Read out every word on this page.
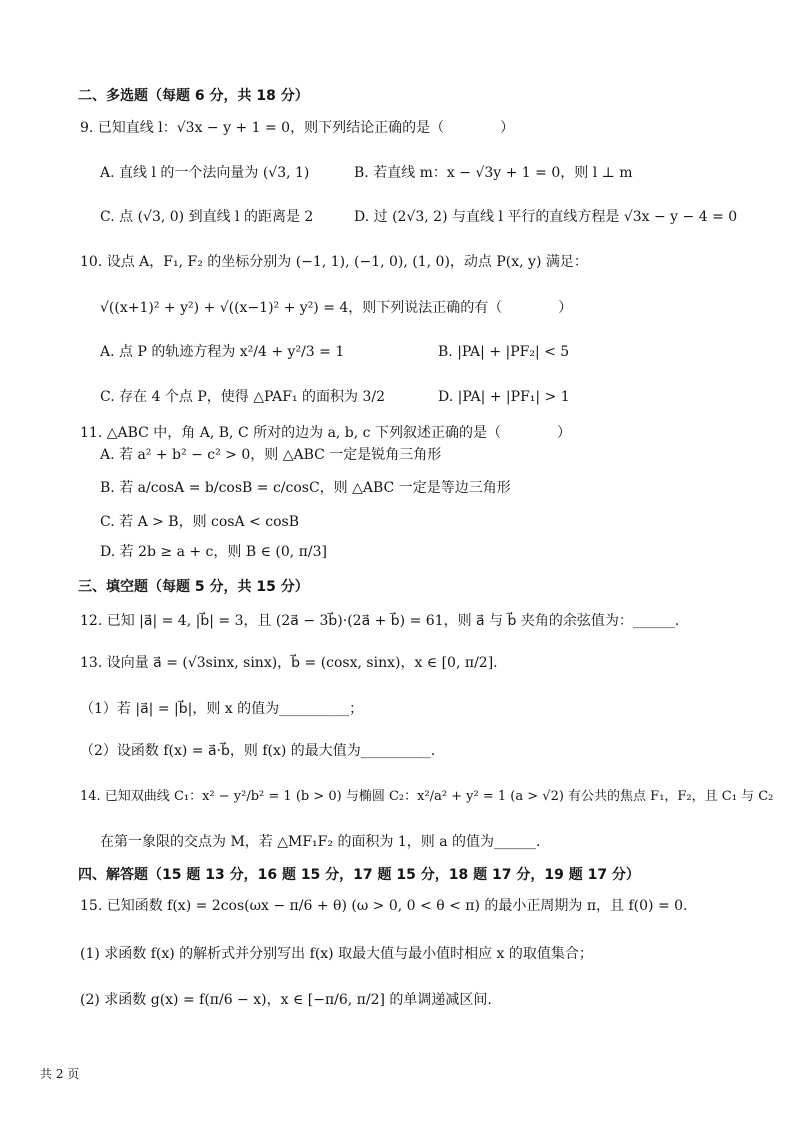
二、多选题（每题 6 分，共 18 分）
9. 已知直线 l：√3x − y + 1 = 0，则下列结论正确的是（　　　　）
A. 直线 l 的一个法向量为 (√3, 1)	B. 若直线 m：x − √3y + 1 = 0，则 l ⊥ m
C. 点 (√3, 0) 到直线 l 的距离是 2	D. 过 (2√3, 2) 与直线 l 平行的直线方程是 √3x − y − 4 = 0
10. 设点 A，F₁, F₂ 的坐标分别为 (−1, 1), (−1, 0), (1, 0)，动点 P(x, y) 满足：
√((x+1)² + y²) + √((x−1)² + y²) = 4，则下列说法正确的有（　　　　）
A. 点 P 的轨迹方程为 x²/4 + y²/3 = 1	B. |PA| + |PF₂| < 5
C. 存在 4 个点 P，使得 △PAF₁ 的面积为 3/2	D. |PA| + |PF₁| > 1
11. △ABC 中，角 A, B, C 所对的边为 a, b, c 下列叙述正确的是（　　　　）
A. 若 a² + b² − c² > 0，则 △ABC 一定是锐角三角形
B. 若 a/cosA = b/cosB = c/cosC，则 △ABC 一定是等边三角形
C. 若 A > B，则 cosA < cosB
D. 若 2b ≥ a + c，则 B ∈ (0, π/3]
三、填空题（每题 5 分，共 15 分）
12. 已知 |a⃗| = 4, |b⃗| = 3，且 (2a⃗ − 3b⃗)·(2a⃗ + b⃗) = 61，则 a⃗ 与 b⃗ 夹角的余弦值为：______.
13. 设向量 a⃗ = (√3sinx, sinx)，b⃗ = (cosx, sinx)，x ∈ [0, π/2].
（1）若 |a⃗| = |b⃗|，则 x 的值为__________；
（2）设函数 f(x) = a⃗·b⃗，则 f(x) 的最大值为__________.
14. 已知双曲线 C₁：x² − y²/b² = 1 (b > 0) 与椭圆 C₂：x²/a² + y² = 1 (a > √2) 有公共的焦点 F₁，F₂，且 C₁ 与 C₂
在第一象限的交点为 M，若 △MF₁F₂ 的面积为 1，则 a 的值为______.
四、解答题（15 题 13 分，16 题 15 分，17 题 15 分，18 题 17 分，19 题 17 分）
15. 已知函数 f(x) = 2cos(ωx − π/6 + θ) (ω > 0, 0 < θ < π) 的最小正周期为 π，且 f(0) = 0.
(1) 求函数 f(x) 的解析式并分别写出 f(x) 取最大值与最小值时相应 x 的取值集合；
(2) 求函数 g(x) = f(π/6 − x)，x ∈ [−π/6, π/2] 的单调递减区间.
共 2 页
